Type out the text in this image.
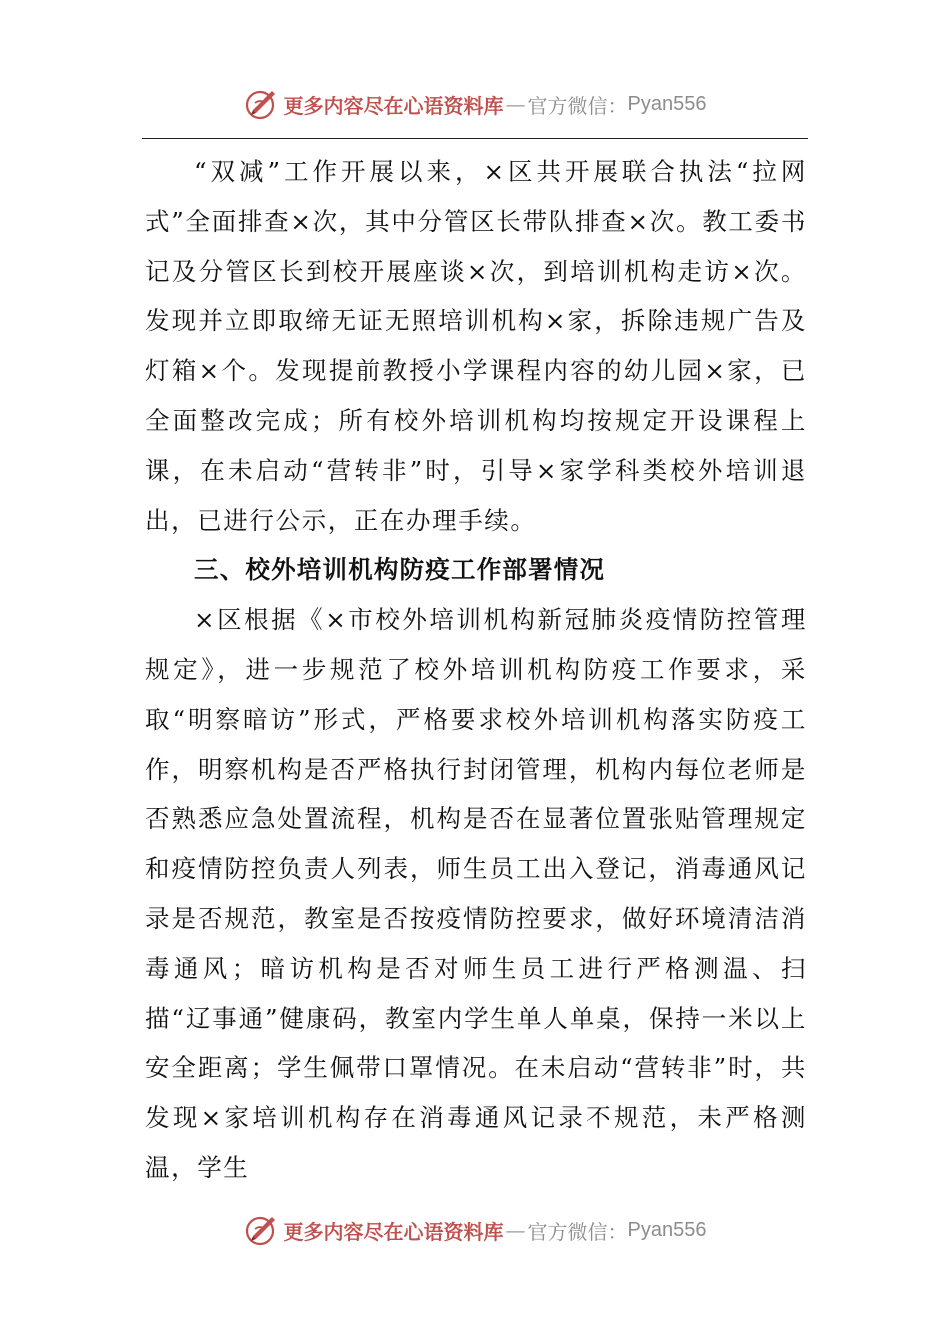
更多内容尽在心语资料库 — 官方微信： Pyan556

“双减”工作开展以来，×区共开展联合执法“拉网式”全面排查×次，其中分管区长带队排查×次。教工委书记及分管区长到校开展座谈×次，到培训机构走访×次。发现并立即取缔无证无照培训机构×家，拆除违规广告及灯箱×个。发现提前教授小学课程内容的幼儿园×家，已全面整改完成；所有校外培训机构均按规定开设课程上课，在未启动“营转非”时，引导×家学科类校外培训退出，已进行公示，正在办理手续。

三、校外培训机构防疫工作部署情况

×区根据《×市校外培训机构新冠肺炎疫情防控管理规定》，进一步规范了校外培训机构防疫工作要求，采取“明察暗访”形式，严格要求校外培训机构落实防疫工作，明察机构是否严格执行封闭管理，机构内每位老师是否熟悉应急处置流程，机构是否在显著位置张贴管理规定和疫情防控负责人列表，师生员工出入登记，消毒通风记录是否规范，教室是否按疫情防控要求，做好环境清洁消毒通风；暗访机构是否对师生员工进行严格测温、扫描“辽事通”健康码，教室内学生单人单桌，保持一米以上安全距离；学生佩带口罩情况。在未启动“营转非”时，共发现×家培训机构存在消毒通风记录不规范，未严格测温，学生

更多内容尽在心语资料库 — 官方微信： Pyan556
